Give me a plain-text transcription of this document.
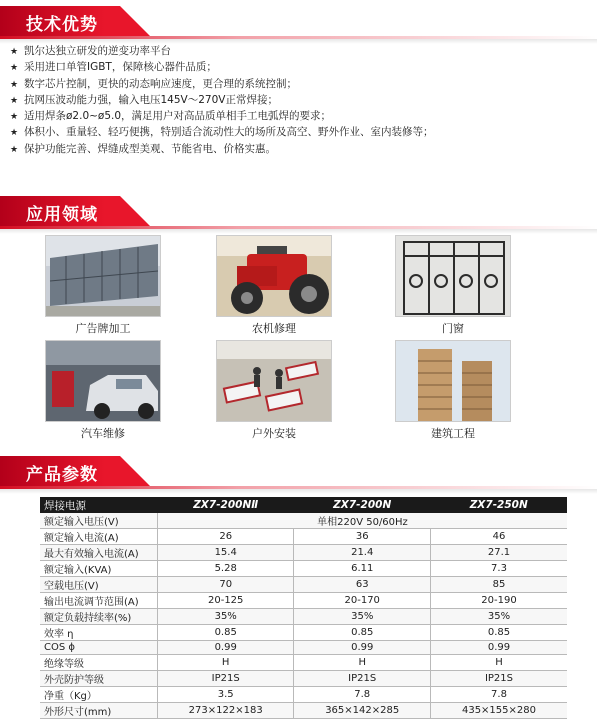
技术优势
★ 凯尔达独立研发的逆变功率平台
★ 采用进口单管IGBT，保障核心器件品质；
★ 数字芯片控制，更快的动态响应速度，更合理的系统控制；
★ 抗网压波动能力强，输入电压145V～270V正常焊接；
★ 适用焊条ø2.0~ø5.0，满足用户对高品质单相手工电弧焊的要求；
★ 体积小、重量轻、轻巧便携，特别适合流动性大的场所及高空、野外作业、室内装修等；
★ 保护功能完善、焊缝成型美观、节能省电、价格实惠。
应用领域
广告牌加工	农机修理	门窗
汽车维修	户外安装	建筑工程
产品参数
焊接电源	ZX7-200NⅡ	ZX7-200N	ZX7-250N
额定输入电压(V)	单相220V 50/60Hz		
额定输入电流(A)	26	36	46
最大有效输入电流(A)	15.4	21.4	27.1
额定输入(KVA)	5.28	6.11	7.3
空载电压(V)	70	63	85
输出电流调节范围(A)	20-125	20-170	20-190
额定负载持续率(%)	35%	35%	35%
效率 η	0.85	0.85	0.85
COS ϕ	0.99	0.99	0.99
绝缘等级	H	H	H
外壳防护等级	IP21S	IP21S	IP21S
净重（Kg）	3.5	7.8	7.8
外形尺寸(mm)	273×122×183	365×142×285	435×155×280
